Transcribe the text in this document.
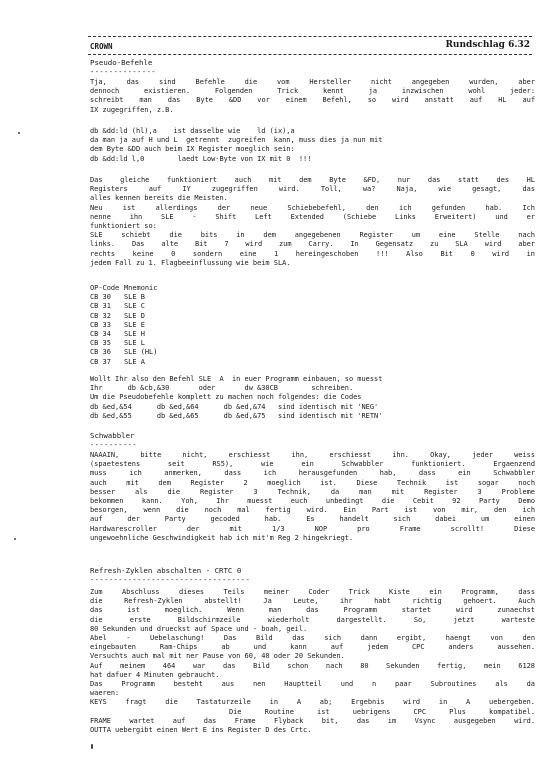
CROWN	Rundschlag 6.32
Pseudo-Befehle
--------------
Tja, das sind Befehle die vom Hersteller nicht angegeben wurden, aber
dennoch existieren. Folgenden Trick kennt ja inzwischen wohl jeder:
schreibt man das Byte &DD vor einem Befehl, so wird anstatt auf HL auf
IX zugegriffen, z.B.
db &dd:ld (hl),a    ist dasselbe wie    ld (ix),a
da man ja auf H und L  getrennt  zugreifen  kann, muss dies ja nun mit
dem Byte &DD auch beim IX Register moeglich sein:
db &dd:ld l,0        laedt Low-Byte von IX mit 0  !!!
Das gleiche funktioniert auch mit dem Byte &FD, nur das statt des HL
Registers auf IY zugegriffen wird. Toll, wa? Naja, wie gesagt, das
alles kennen bereits die Meisten.
Neu ist allerdings der neue Schiebebefehl, den ich gefunden hab. Ich
nenne ihn SLE - Shift Left Extended (Schiebe Links Erweitert) und er
funktioniert so:
SLE schiebt die bits in dem angegebenen Register um eine Stelle nach
links. Das alte Bit 7 wird zum Carry. In Gegensatz zu SLA wird aber
rechts keine 0 sondern eine 1 hereingeschoben !!! Also Bit 0 wird in
jedem Fall zu 1. Flagbeeinflussung wie beim SLA.
OP-Code Mnemonic
CB 30 SLE B
CB 31 SLE C
CB 32 SLE D
CB 33 SLE E
CB 34 SLE H
CB 35 SLE L
CB 36 SLE (HL)
CB 37 SLE A
Wollt Ihr also den Befehl SLE  A  in euer Programm einbauen, so muesst
Ihr      db &cb,&30       oder       dw &30CB        schreiben.
Um die Pseudobefehle komplett zu machen noch folgendes: die Codes
db &ed,&54      db &ed,&64      db &ed,&74   sind identisch mit 'NEG'
db &ed,&55      db &ed,&65      db &ed,&75   sind identisch mit 'RETN'
Schwabbler
----------
NAAAIN, bitte nicht, erschiesst ihn, erschiesst ihn. Okay, jeder weiss
(spaetestens seit RS5), wie ein Schwabbler funktioniert. Ergaenzend
muss ich anmerken, dass ich herausgefunden hab, dass ein Schwabbler
auch mit dem Register 2 moeglich ist. Diese Technik ist sogar noch
besser als die Register 3 Technik, da man mit Register 3 Probleme
bekommen kann. Yoh, Ihr muesst euch unbedingt die Cebit 92 Party Demo
besorgen, wenn die noch mal fertig wird. Ein Part ist von mir, den ich
auf der Party gecoded hab. Es handelt sich dabei um einen
Hardwarescroller der mit 1/3 NOP pro Frame scrollt! Diese
ungewoehnliche Geschwindigkeit hab ich mit'm Reg 2 hingekriegt.
Refresh-Zyklen abschalten - CRTC 0
----------------------------------
Zum Abschluss dieses Teils meiner Coder Trick Kiste ein Programm, dass
die Refresh-Zyklen abstellt! Ja Leute, ihr habt richtig gehoert. Auch
das ist moeglich. Wenn man das Programm startet wird zunaechst
die erste Bildschirmzeile wiederholt dargestellt. So, jetzt warteste
80 Sekunden und drueckst auf Space und - boah, geil.
Abel - Uebelaschung! Das Bild das sich dann ergibt, haengt von den
eingebauten Ram-Chips ab und kann auf jedem CPC anders aussehen.
Versuchts auch mal mit ner Pause von 60, 40 oder 20 Sekunden.
Auf meinem 464 war das Bild schon nach 80 Sekunden fertig, mein 6128
hat dafuer 4 Minuten gebraucht.
Das Programm besteht aus nen Hauptteil und n paar Subroutines als da
waeren:
KEYS fragt die Tastaturzeile in A ab; Ergebnis wird in A uebergeben.
Die Routine ist uebrigens CPC Plus kompatibel.
FRAME wartet auf das Frame Flyback bit, das im Vsync ausgegeben wird.
OUTTA uebergibt einen Wert E ins Register D des Crtc.
